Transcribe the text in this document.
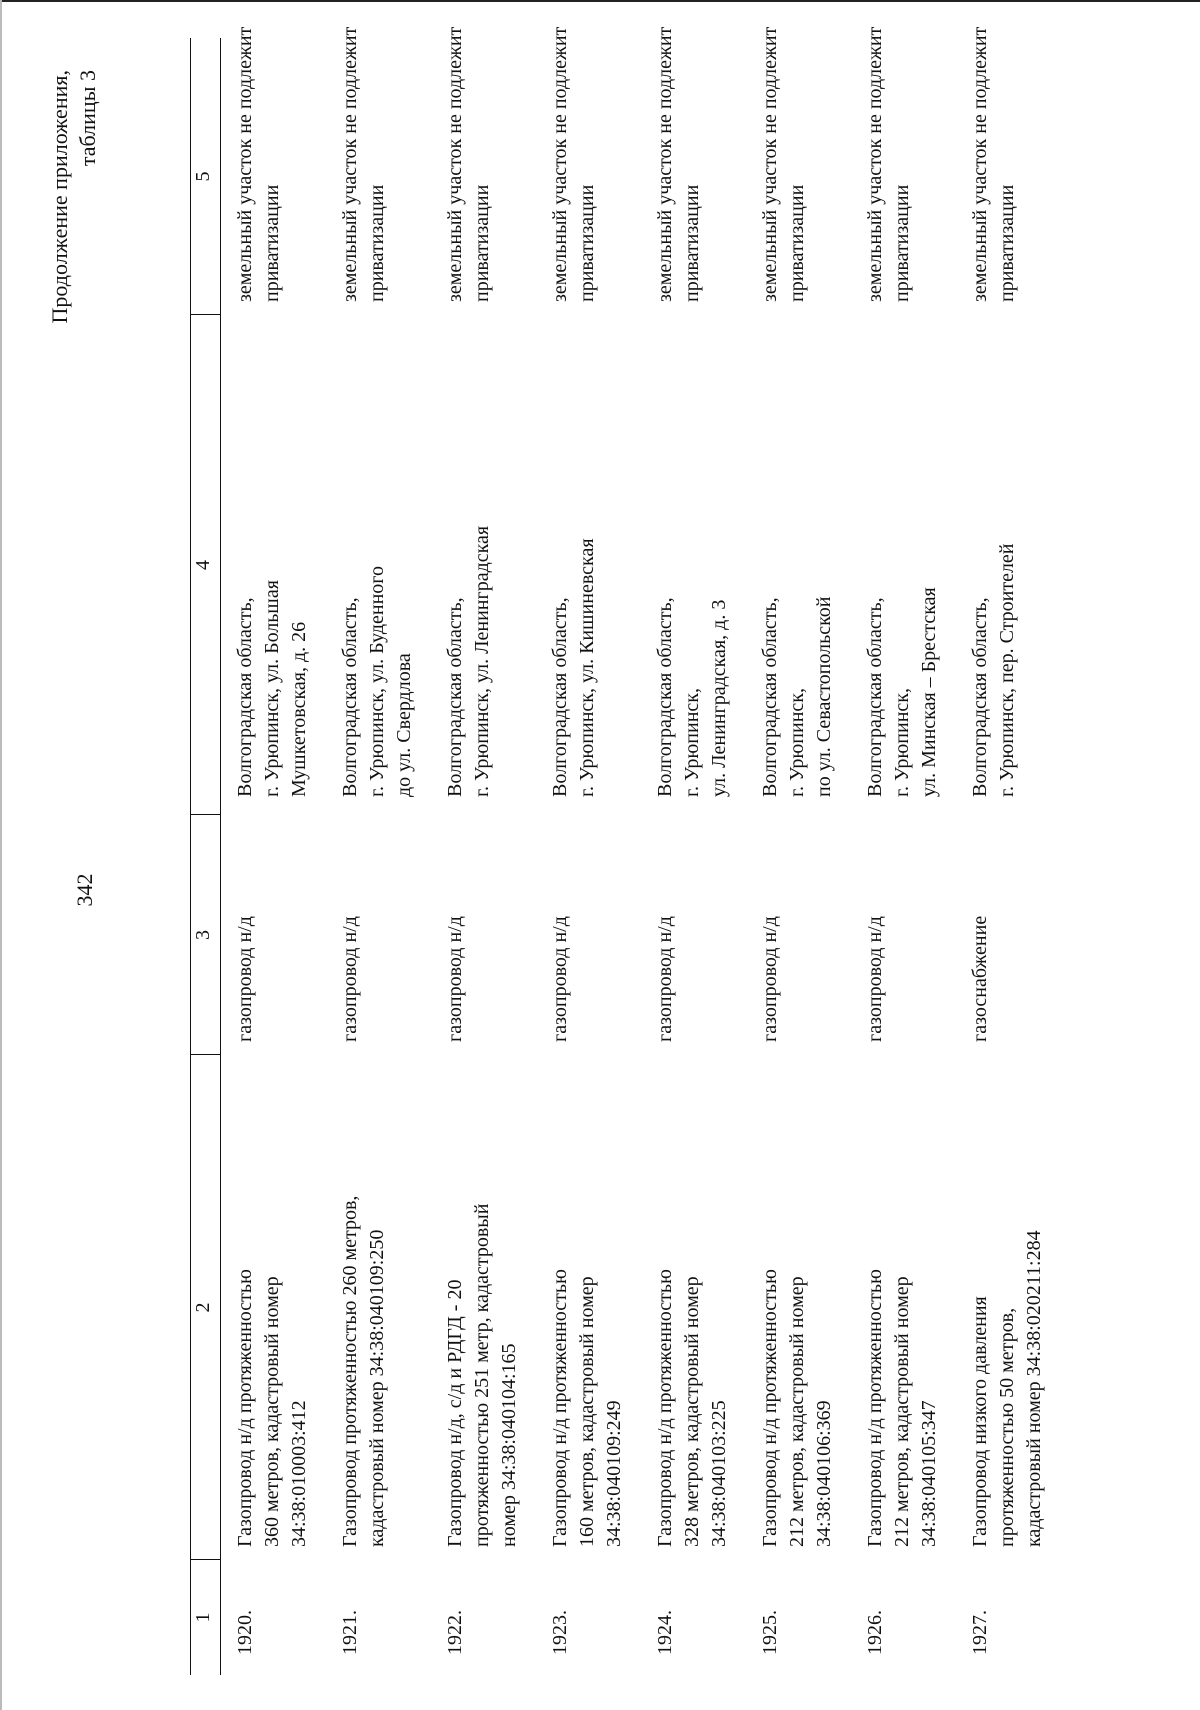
342
Продолжение приложения, таблицы 3
1
2
3
4
5
1920.
Газопровод н/д протяженностью 360 метров, кадастровый номер 34:38:010003:412
газопровод н/д
Волгоградская область, г. Урюпинск, ул. Большая Мушкетовская, д. 26
земельный участок не подлежит приватизации
1921.
Газопровод протяженностью 260 метров, кадастровый номер 34:38:040109:250
газопровод н/д
Волгоградская область, г. Урюпинск, ул. Буденного до ул. Свердлова
земельный участок не подлежит приватизации
1922.
Газопровод н/д, с/д и РДГД - 20 протяженностью 251 метр, кадастровый номер 34:38:040104:165
газопровод н/д
Волгоградская область, г. Урюпинск, ул. Ленинградская
земельный участок не подлежит приватизации
1923.
Газопровод н/д протяженностью 160 метров, кадастровый номер 34:38:040109:249
газопровод н/д
Волгоградская область, г. Урюпинск, ул. Кишиневская
земельный участок не подлежит приватизации
1924.
Газопровод н/д протяженностью 328 метров, кадастровый номер 34:38:040103:225
газопровод н/д
Волгоградская область, г. Урюпинск, ул. Ленинградская, д. 3
земельный участок не подлежит приватизации
1925.
Газопровод н/д протяженностью 212 метров, кадастровый номер 34:38:040106:369
газопровод н/д
Волгоградская область, г. Урюпинск, по ул. Севастопольской
земельный участок не подлежит приватизации
1926.
Газопровод н/д протяженностью 212 метров, кадастровый номер 34:38:040105:347
газопровод н/д
Волгоградская область, г. Урюпинск, ул. Минская – Брестская
земельный участок не подлежит приватизации
1927.
Газопровод низкого давления протяженностью 50 метров, кадастровый номер 34:38:020211:284
газоснабжение
Волгоградская область, г. Урюпинск, пер. Строителей
земельный участок не подлежит приватизации
